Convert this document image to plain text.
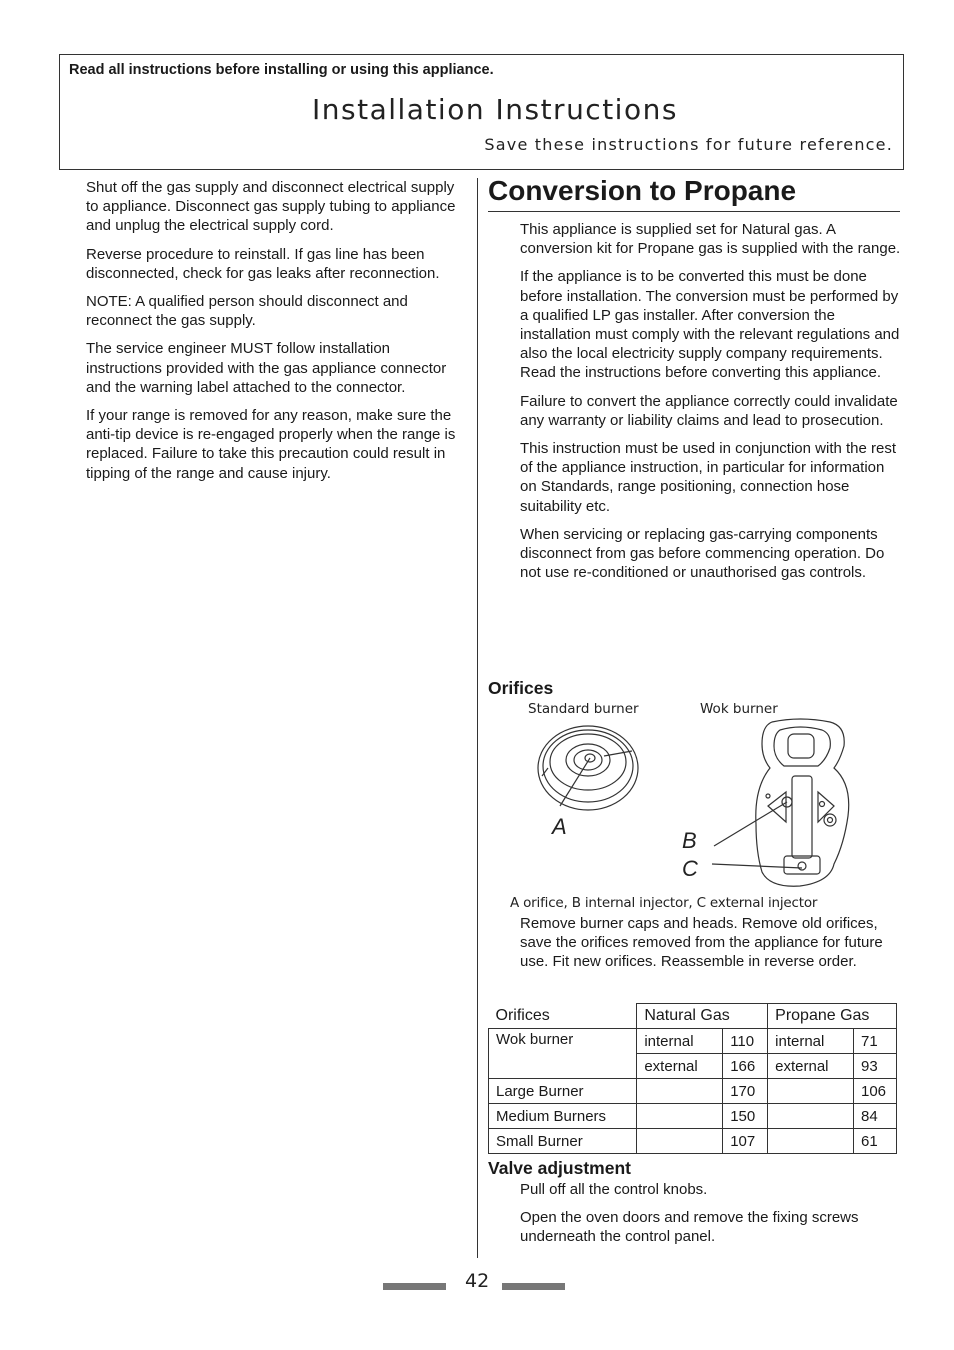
Read all instructions before installing or using this appliance.
Installation Instructions
Save these instructions for future reference.

Shut off the gas supply and disconnect electrical supply to appliance. Disconnect gas supply tubing to appliance and unplug the electrical supply cord.

Reverse procedure to reinstall. If gas line has been disconnected, check for gas leaks after reconnection.

NOTE: A qualified person should disconnect and reconnect the gas supply.

The service engineer MUST follow installation instructions provided with the gas appliance connector and the warning label attached to the connector.

If your range is removed for any reason, make sure the anti-tip device is re-engaged properly when the range is replaced. Failure to take this precaution could result in tipping of the range and cause injury.

Conversion to Propane

This appliance is supplied set for Natural gas. A conversion kit for Propane gas is supplied with the range.

If the appliance is to be converted this must be done before installation. The conversion must be performed by a qualified LP gas installer. After conversion the installation must comply with the relevant regulations and also the local electricity supply company requirements. Read the instructions before converting this appliance.

Failure to convert the appliance correctly could invalidate any warranty or liability claims and lead to prosecution.

This instruction must be used in conjunction with the rest of the appliance instruction, in particular for information on Standards, range positioning, connection hose suitability etc.

When servicing or replacing gas-carrying components disconnect from gas before commencing operation. Do not use re-conditioned or unauthorised gas controls.

Orifices
Standard burner	Wok burner
A
B
C
A orifice, B internal injector, C external injector

Remove burner caps and heads. Remove old orifices, save the orifices removed from the appliance for future use. Fit new orifices. Reassemble in reverse order.

Orifices	Natural Gas		Propane Gas	
Wok burner	internal	110	internal	71
	external	166	external	93
Large Burner		170		106
Medium Burners		150		84
Small Burner		107		61
Valve adjustment

Pull off all the control knobs.

Open the oven doors and remove the fixing screws underneath the control panel.

42
